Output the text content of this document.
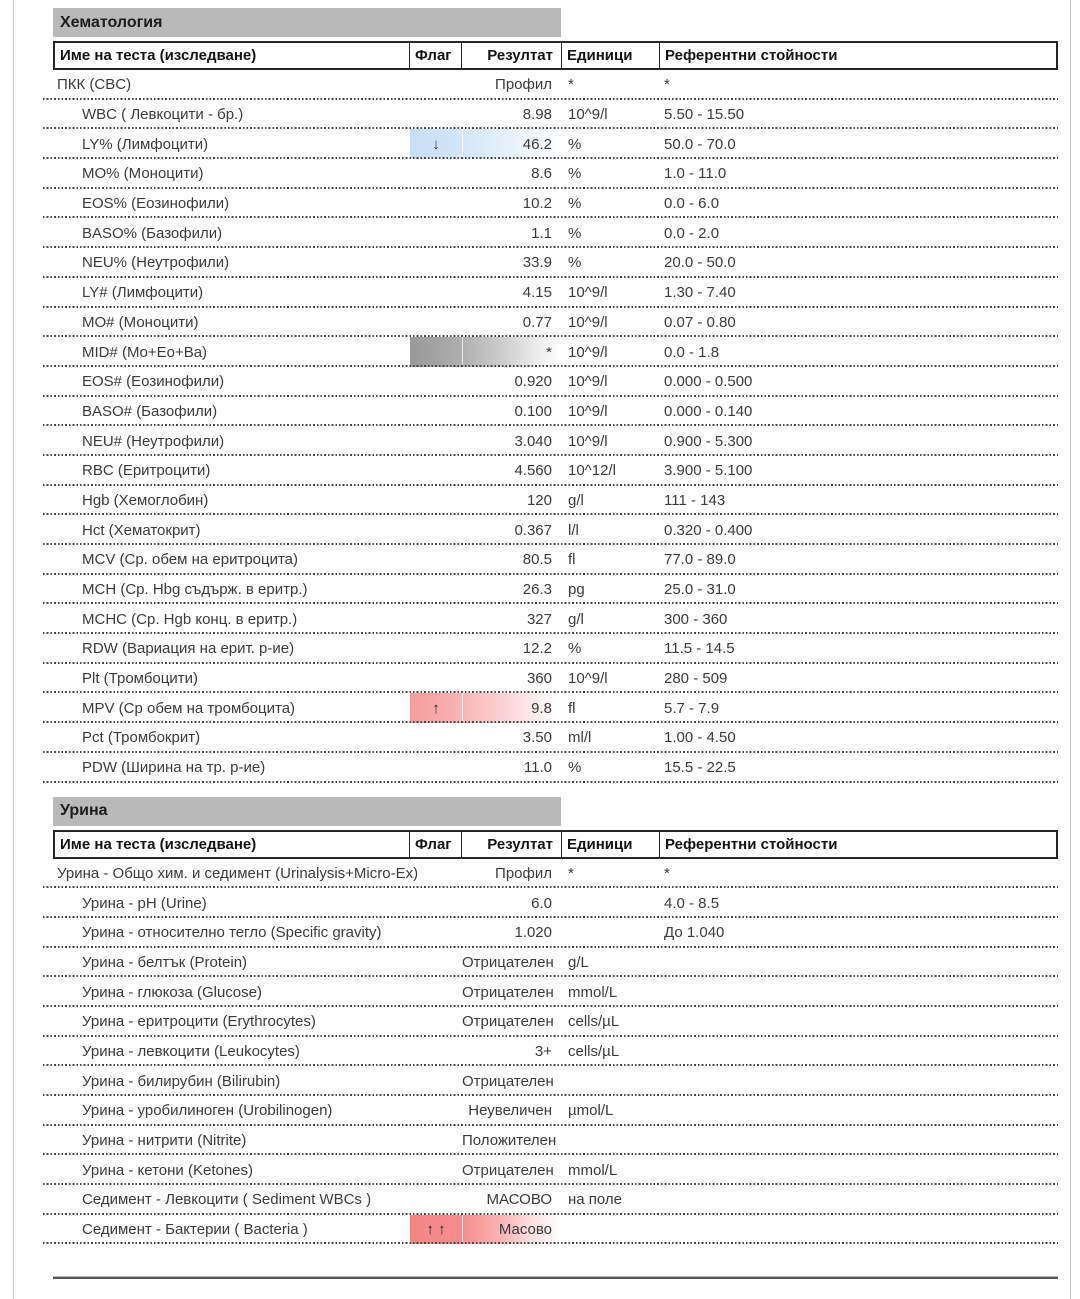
Хематология
Име на теста (изследване)	Флаг	Резултат Единици	Референтни стойности
ПКК (CBC)	Профил	*	*
WBC ( Левкоцити - бр.)	8.98	10^9/l	5.50 - 15.50
LY% (Лимфоцити)	↓	46.2	%	50.0 - 70.0
MO% (Моноцити)	8.6	%	1.0 - 11.0
EOS% (Еозинофили)	10.2	%	0.0 - 6.0
BASO% (Базофили)	1.1	%	0.0 - 2.0
NEU% (Неутрофили)	33.9	%	20.0 - 50.0
LY# (Лимфоцити)	4.15	10^9/l	1.30 - 7.40
MO# (Моноцити)	0.77	10^9/l	0.07 - 0.80
MID# (Mo+Eo+Ba)	*	10^9/l	0.0 - 1.8
EOS# (Еозинофили)	0.920	10^9/l	0.000 - 0.500
BASO# (Базофили)	0.100	10^9/l	0.000 - 0.140
NEU# (Неутрофили)	3.040	10^9/l	0.900 - 5.300
RBC (Еритроцити)	4.560	10^12/l	3.900 - 5.100
Hgb (Хемоглобин)	120	g/l	111 - 143
Hct (Хематокрит)	0.367	l/l	0.320 - 0.400
MCV (Ср. обем на еритроцита)	80.5	fl	77.0 - 89.0
MCH (Ср. Hbg съдърж. в еритр.)	26.3	pg	25.0 - 31.0
MCHC (Ср. Hgb конц. в еритр.)	327	g/l	300 - 360
RDW (Вариация на ерит. р-ие)	12.2	%	11.5 - 14.5
Plt (Тромбоцити)	360	10^9/l	280 - 509
MPV (Ср обем на тромбоцита)	↑	9.8	fl	5.7 - 7.9
Pct (Тромбокрит)	3.50	ml/l	1.00 - 4.50
PDW (Ширина на тр. р-ие)	11.0	%	15.5 - 22.5
Урина
Име на теста (изследване)	Флаг	Резултат Единици	Референтни стойности
Урина - Общо хим. и седимент (Urinalysis+Micro-Ex)	Профил	*	*
Урина - pH (Urine)	6.0	4.0 - 8.5
Урина - относително тегло (Specific gravity)	1.020	До 1.040
Урина - белтък (Protein)	Отрицателен g/L
Урина - глюкоза (Glucose)	Отрицателен mmol/L
Урина - еритроцити (Erythrocytes)	Отрицателен cells/µL
Урина - левкоцити (Leukocytes)	3+	cells/µL
Урина - билирубин (Bilirubin)	Отрицателен
Урина - уробилиноген (Urobilinogen)	Неувеличен	µmol/L
Урина - нитрити (Nitrite)	Положителен
Урина - кетони (Ketones)	Отрицателен mmol/L
Седимент - Левкоцити ( Sediment WBCs )	МАСОВО	на поле
Седимент - Бактерии ( Bacteria )	↑ ↑	Масово
